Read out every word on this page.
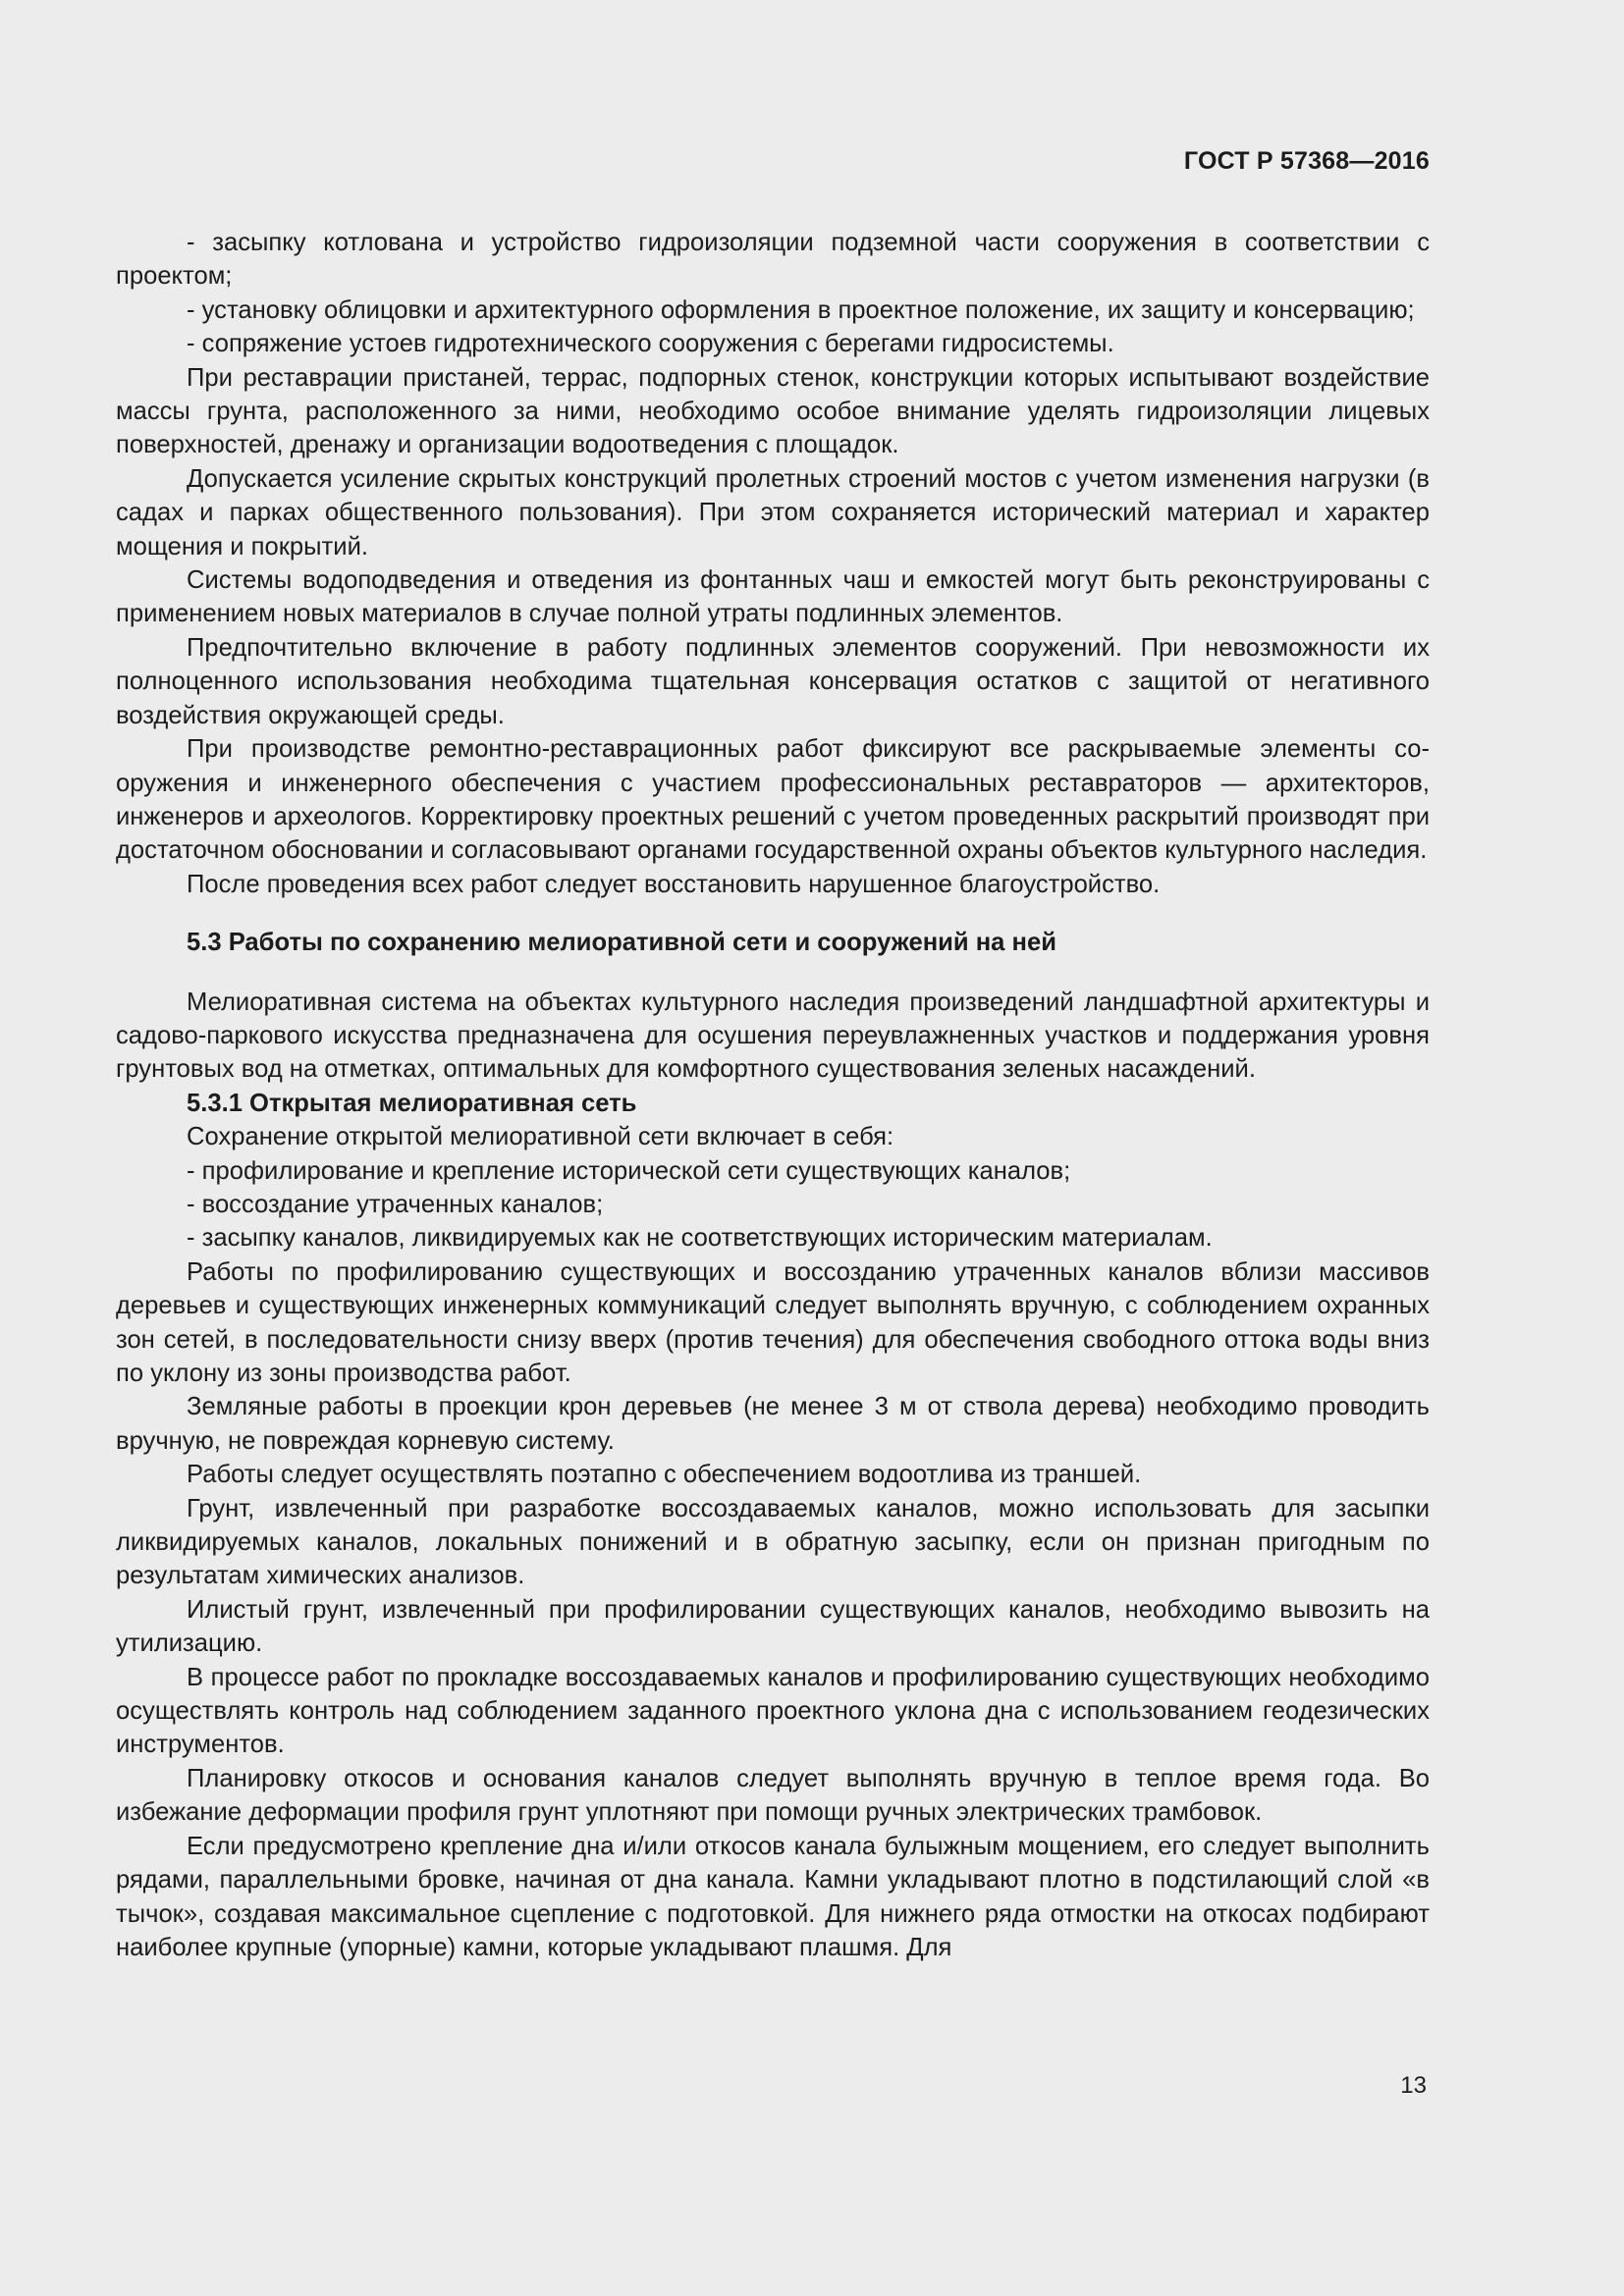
ГОСТ Р 57368—2016

- засыпку котлована и устройство гидроизоляции подземной части сооружения в соответствии с проектом;

- установку облицовки и архитектурного оформления в проектное положение, их защиту и консервацию;

- сопряжение устоев гидротехнического сооружения с берегами гидросистемы.

При реставрации пристаней, террас, подпорных стенок, конструкции которых испытывают воздействие массы грунта, расположенного за ними, необходимо особое внимание уделять гидроизоляции лицевых поверхностей, дренажу и организации водоотведения с площадок.

Допускается усиление скрытых конструкций пролетных строений мостов с учетом изменения нагрузки (в садах и парках общественного пользования). При этом сохраняется исторический материал и характер мощения и покрытий.

Системы водоподведения и отведения из фонтанных чаш и емкостей могут быть реконструированы с применением новых материалов в случае полной утраты подлинных элементов.

Предпочтительно включение в работу подлинных элементов сооружений. При невозможности их полноценного использования необходима тщательная консервация остатков с защитой от негативного воздействия окружающей среды.

При производстве ремонтно-реставрационных работ фиксируют все раскрываемые элементы сооружения и инженерного обеспечения с участием профессиональных реставраторов — архитекторов, инженеров и археологов. Корректировку проектных решений с учетом проведенных раскрытий производят при достаточном обосновании и согласовывают органами государственной охраны объектов культурного наследия.

После проведения всех работ следует восстановить нарушенное благоустройство.

5.3 Работы по сохранению мелиоративной сети и сооружений на ней

Мелиоративная система на объектах культурного наследия произведений ландшафтной архитектуры и садово-паркового искусства предназначена для осушения переувлажненных участков и поддержания уровня грунтовых вод на отметках, оптимальных для комфортного существования зеленых насаждений.

5.3.1 Открытая мелиоративная сеть

Сохранение открытой мелиоративной сети включает в себя:

- профилирование и крепление исторической сети существующих каналов;

- воссоздание утраченных каналов;

- засыпку каналов, ликвидируемых как не соответствующих историческим материалам.

Работы по профилированию существующих и воссозданию утраченных каналов вблизи массивов деревьев и существующих инженерных коммуникаций следует выполнять вручную, с соблюдением охранных зон сетей, в последовательности снизу вверх (против течения) для обеспечения свободного оттока воды вниз по уклону из зоны производства работ.

Земляные работы в проекции крон деревьев (не менее 3 м от ствола дерева) необходимо проводить вручную, не повреждая корневую систему.

Работы следует осуществлять поэтапно с обеспечением водоотлива из траншей.

Грунт, извлеченный при разработке воссоздаваемых каналов, можно использовать для засыпки ликвидируемых каналов, локальных понижений и в обратную засыпку, если он признан пригодным по результатам химических анализов.

Илистый грунт, извлеченный при профилировании существующих каналов, необходимо вывозить на утилизацию.

В процессе работ по прокладке воссоздаваемых каналов и профилированию существующих необходимо осуществлять контроль над соблюдением заданного проектного уклона дна с использованием геодезических инструментов.

Планировку откосов и основания каналов следует выполнять вручную в теплое время года. Во избежание деформации профиля грунт уплотняют при помощи ручных электрических трамбовок.

Если предусмотрено крепление дна и/или откосов канала булыжным мощением, его следует выполнить рядами, параллельными бровке, начиная от дна канала. Камни укладывают плотно в подстилающий слой «в тычок», создавая максимальное сцепление с подготовкой. Для нижнего ряда отмостки на откосах подбирают наиболее крупные (упорные) камни, которые укладывают плашмя. Для

13
